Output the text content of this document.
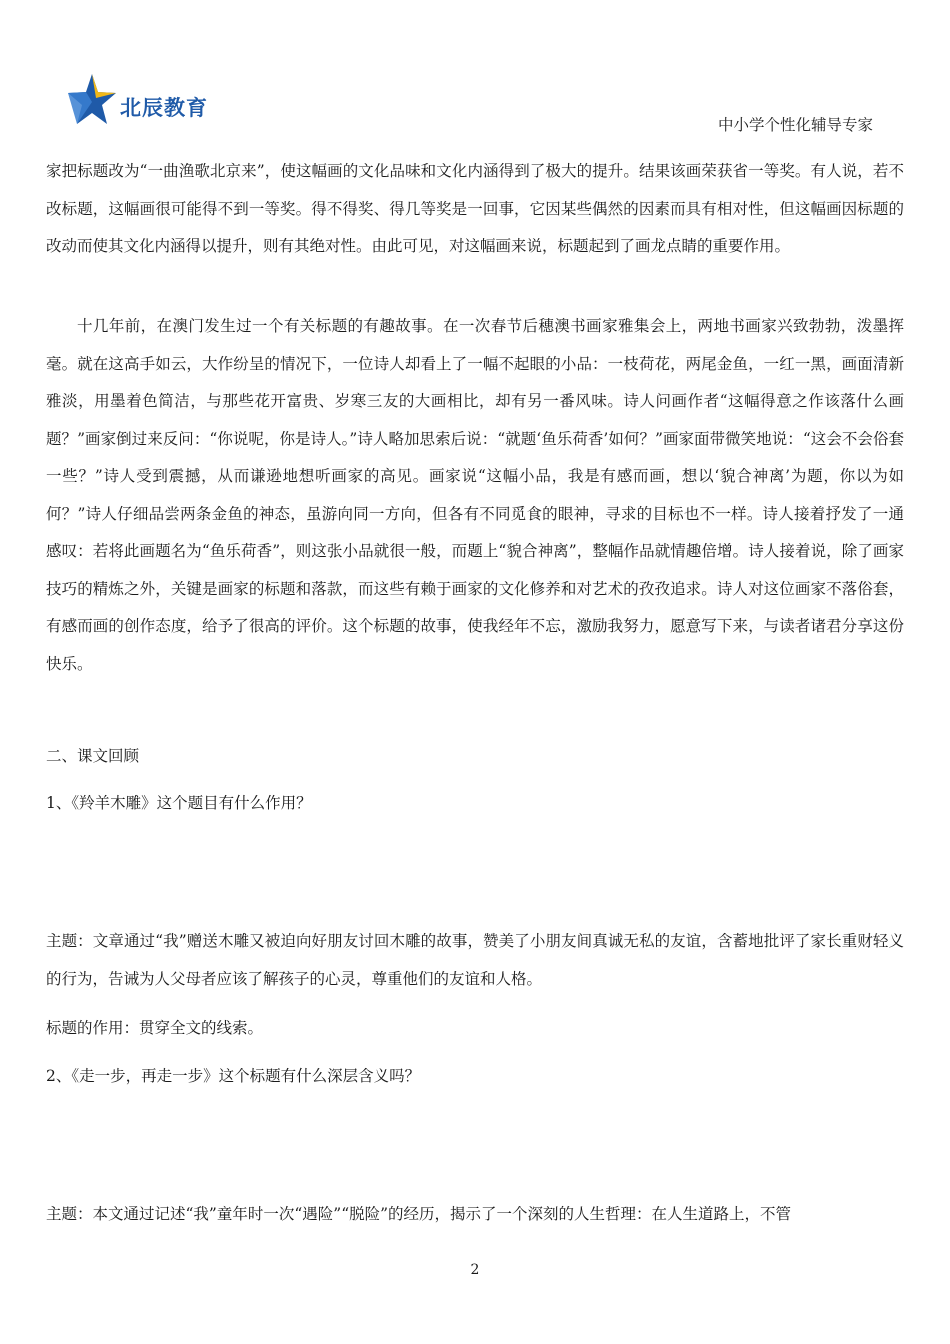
北辰教育
中小学个性化辅导专家

家把标题改为“一曲渔歌北京来”，使这幅画的文化品味和文化内涵得到了极大的提升。结果该画荣获省一等奖。有人说，若不改标题，这幅画很可能得不到一等奖。得不得奖、得几等奖是一回事，它因某些偶然的因素而具有相对性，但这幅画因标题的改动而使其文化内涵得以提升，则有其绝对性。由此可见，对这幅画来说，标题起到了画龙点睛的重要作用。

十几年前，在澳门发生过一个有关标题的有趣故事。在一次春节后穗澳书画家雅集会上，两地书画家兴致勃勃，泼墨挥毫。就在这高手如云，大作纷呈的情况下，一位诗人却看上了一幅不起眼的小品：一枝荷花，两尾金鱼，一红一黑，画面清新雅淡，用墨着色简洁，与那些花开富贵、岁寒三友的大画相比，却有另一番风味。诗人问画作者“这幅得意之作该落什么画题？”画家倒过来反问：“你说呢，你是诗人。”诗人略加思索后说：“就题‘鱼乐荷香’如何？”画家面带微笑地说：“这会不会俗套一些？”诗人受到震撼，从而谦逊地想听画家的高见。画家说“这幅小品，我是有感而画，想以‘貌合神离’为题，你以为如何？”诗人仔细品尝两条金鱼的神态，虽游向同一方向，但各有不同觅食的眼神，寻求的目标也不一样。诗人接着抒发了一通感叹：若将此画题名为“鱼乐荷香”，则这张小品就很一般，而题上“貌合神离”，整幅作品就情趣倍增。诗人接着说，除了画家技巧的精炼之外，关键是画家的标题和落款，而这些有赖于画家的文化修养和对艺术的孜孜追求。诗人对这位画家不落俗套，有感而画的创作态度，给予了很高的评价。这个标题的故事，使我经年不忘，激励我努力，愿意写下来，与读者诸君分享这份快乐。

二、课文回顾
1、《羚羊木雕》这个题目有什么作用？

主题：文章通过“我”赠送木雕又被迫向好朋友讨回木雕的故事，赞美了小朋友间真诚无私的友谊，含蓄地批评了家长重财轻义的行为，告诫为人父母者应该了解孩子的心灵，尊重他们的友谊和人格。

标题的作用：贯穿全文的线索。
2、《走一步，再走一步》这个标题有什么深层含义吗？

主题：本文通过记述“我”童年时一次“遇险”“脱险”的经历，揭示了一个深刻的人生哲理：在人生道路上，不管

2
